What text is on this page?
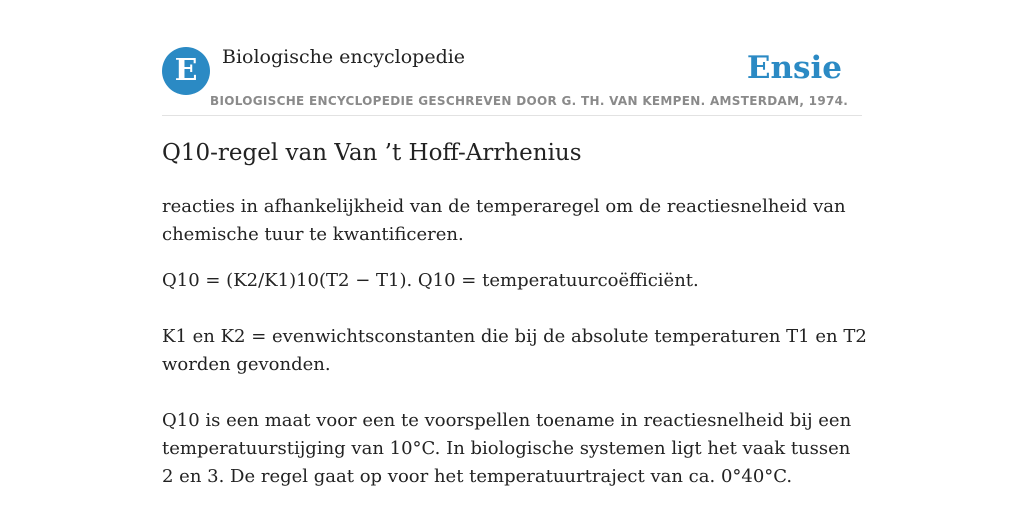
E Biologische encyclopedie	Ensie
BIOLOGISCHE ENCYCLOPEDIE GESCHREVEN DOOR G. TH. VAN KEMPEN. AMSTERDAM, 1974.
Q10-regel van Van ’t Hoff-Arrhenius

reacties in afhankelijkheid van de temperaregel om de reactiesnelheid van chemische tuur te kwantificeren.

Q10 = (K2/K1)10(T2 − T1). Q10 = temperatuurcoëfficiënt.

K1 en K2 = evenwichtsconstanten die bij de absolute temperaturen T1 en T2 worden gevonden.

Q10 is een maat voor een te voorspellen toename in reactiesnelheid bij een temperatuurstijging van 10°C. In biologische systemen ligt het vaak tussen 2 en 3. De regel gaat op voor het temperatuurtraject van ca. 0°40°C.
